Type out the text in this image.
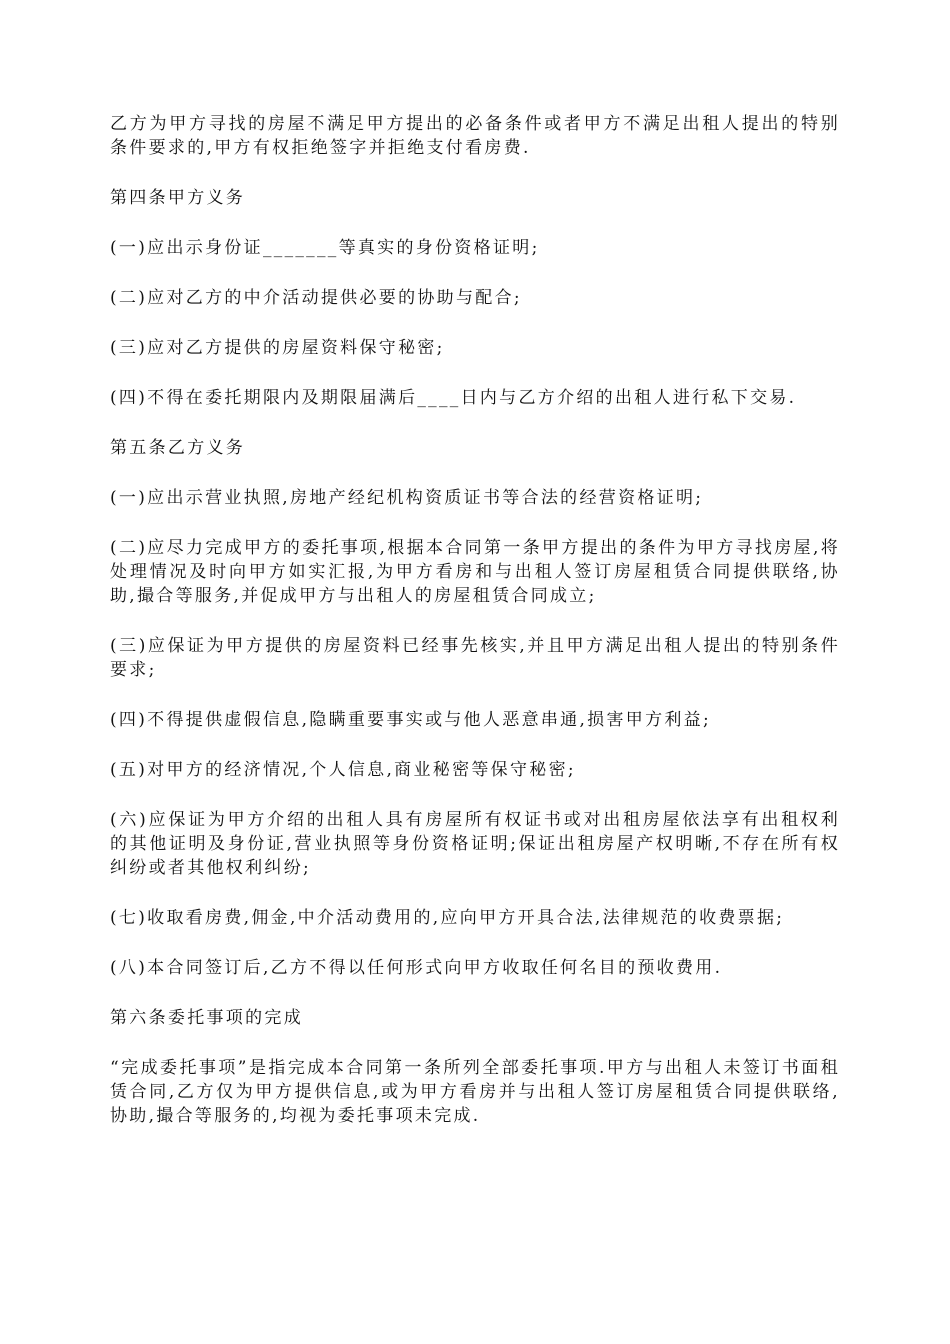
乙方为甲方寻找的房屋不满足甲方提出的必备条件或者甲方不满足出租人提出的特别条件要求的,甲方有权拒绝签字并拒绝支付看房费.

第四条甲方义务

(一)应出示身份证_______等真实的身份资格证明;

(二)应对乙方的中介活动提供必要的协助与配合;

(三)应对乙方提供的房屋资料保守秘密;

(四)不得在委托期限内及期限届满后____日内与乙方介绍的出租人进行私下交易.

第五条乙方义务

(一)应出示营业执照,房地产经纪机构资质证书等合法的经营资格证明;

(二)应尽力完成甲方的委托事项,根据本合同第一条甲方提出的条件为甲方寻找房屋,将处理情况及时向甲方如实汇报,为甲方看房和与出租人签订房屋租赁合同提供联络,协助,撮合等服务,并促成甲方与出租人的房屋租赁合同成立;

(三)应保证为甲方提供的房屋资料已经事先核实,并且甲方满足出租人提出的特别条件要求;

(四)不得提供虚假信息,隐瞒重要事实或与他人恶意串通,损害甲方利益;

(五)对甲方的经济情况,个人信息,商业秘密等保守秘密;

(六)应保证为甲方介绍的出租人具有房屋所有权证书或对出租房屋依法享有出租权利的其他证明及身份证,营业执照等身份资格证明;保证出租房屋产权明晰,不存在所有权纠纷或者其他权利纠纷;

(七)收取看房费,佣金,中介活动费用的,应向甲方开具合法,法律规范的收费票据;

(八)本合同签订后,乙方不得以任何形式向甲方收取任何名目的预收费用.

第六条委托事项的完成

“完成委托事项”是指完成本合同第一条所列全部委托事项.甲方与出租人未签订书面租赁合同,乙方仅为甲方提供信息,或为甲方看房并与出租人签订房屋租赁合同提供联络,协助,撮合等服务的,均视为委托事项未完成.
